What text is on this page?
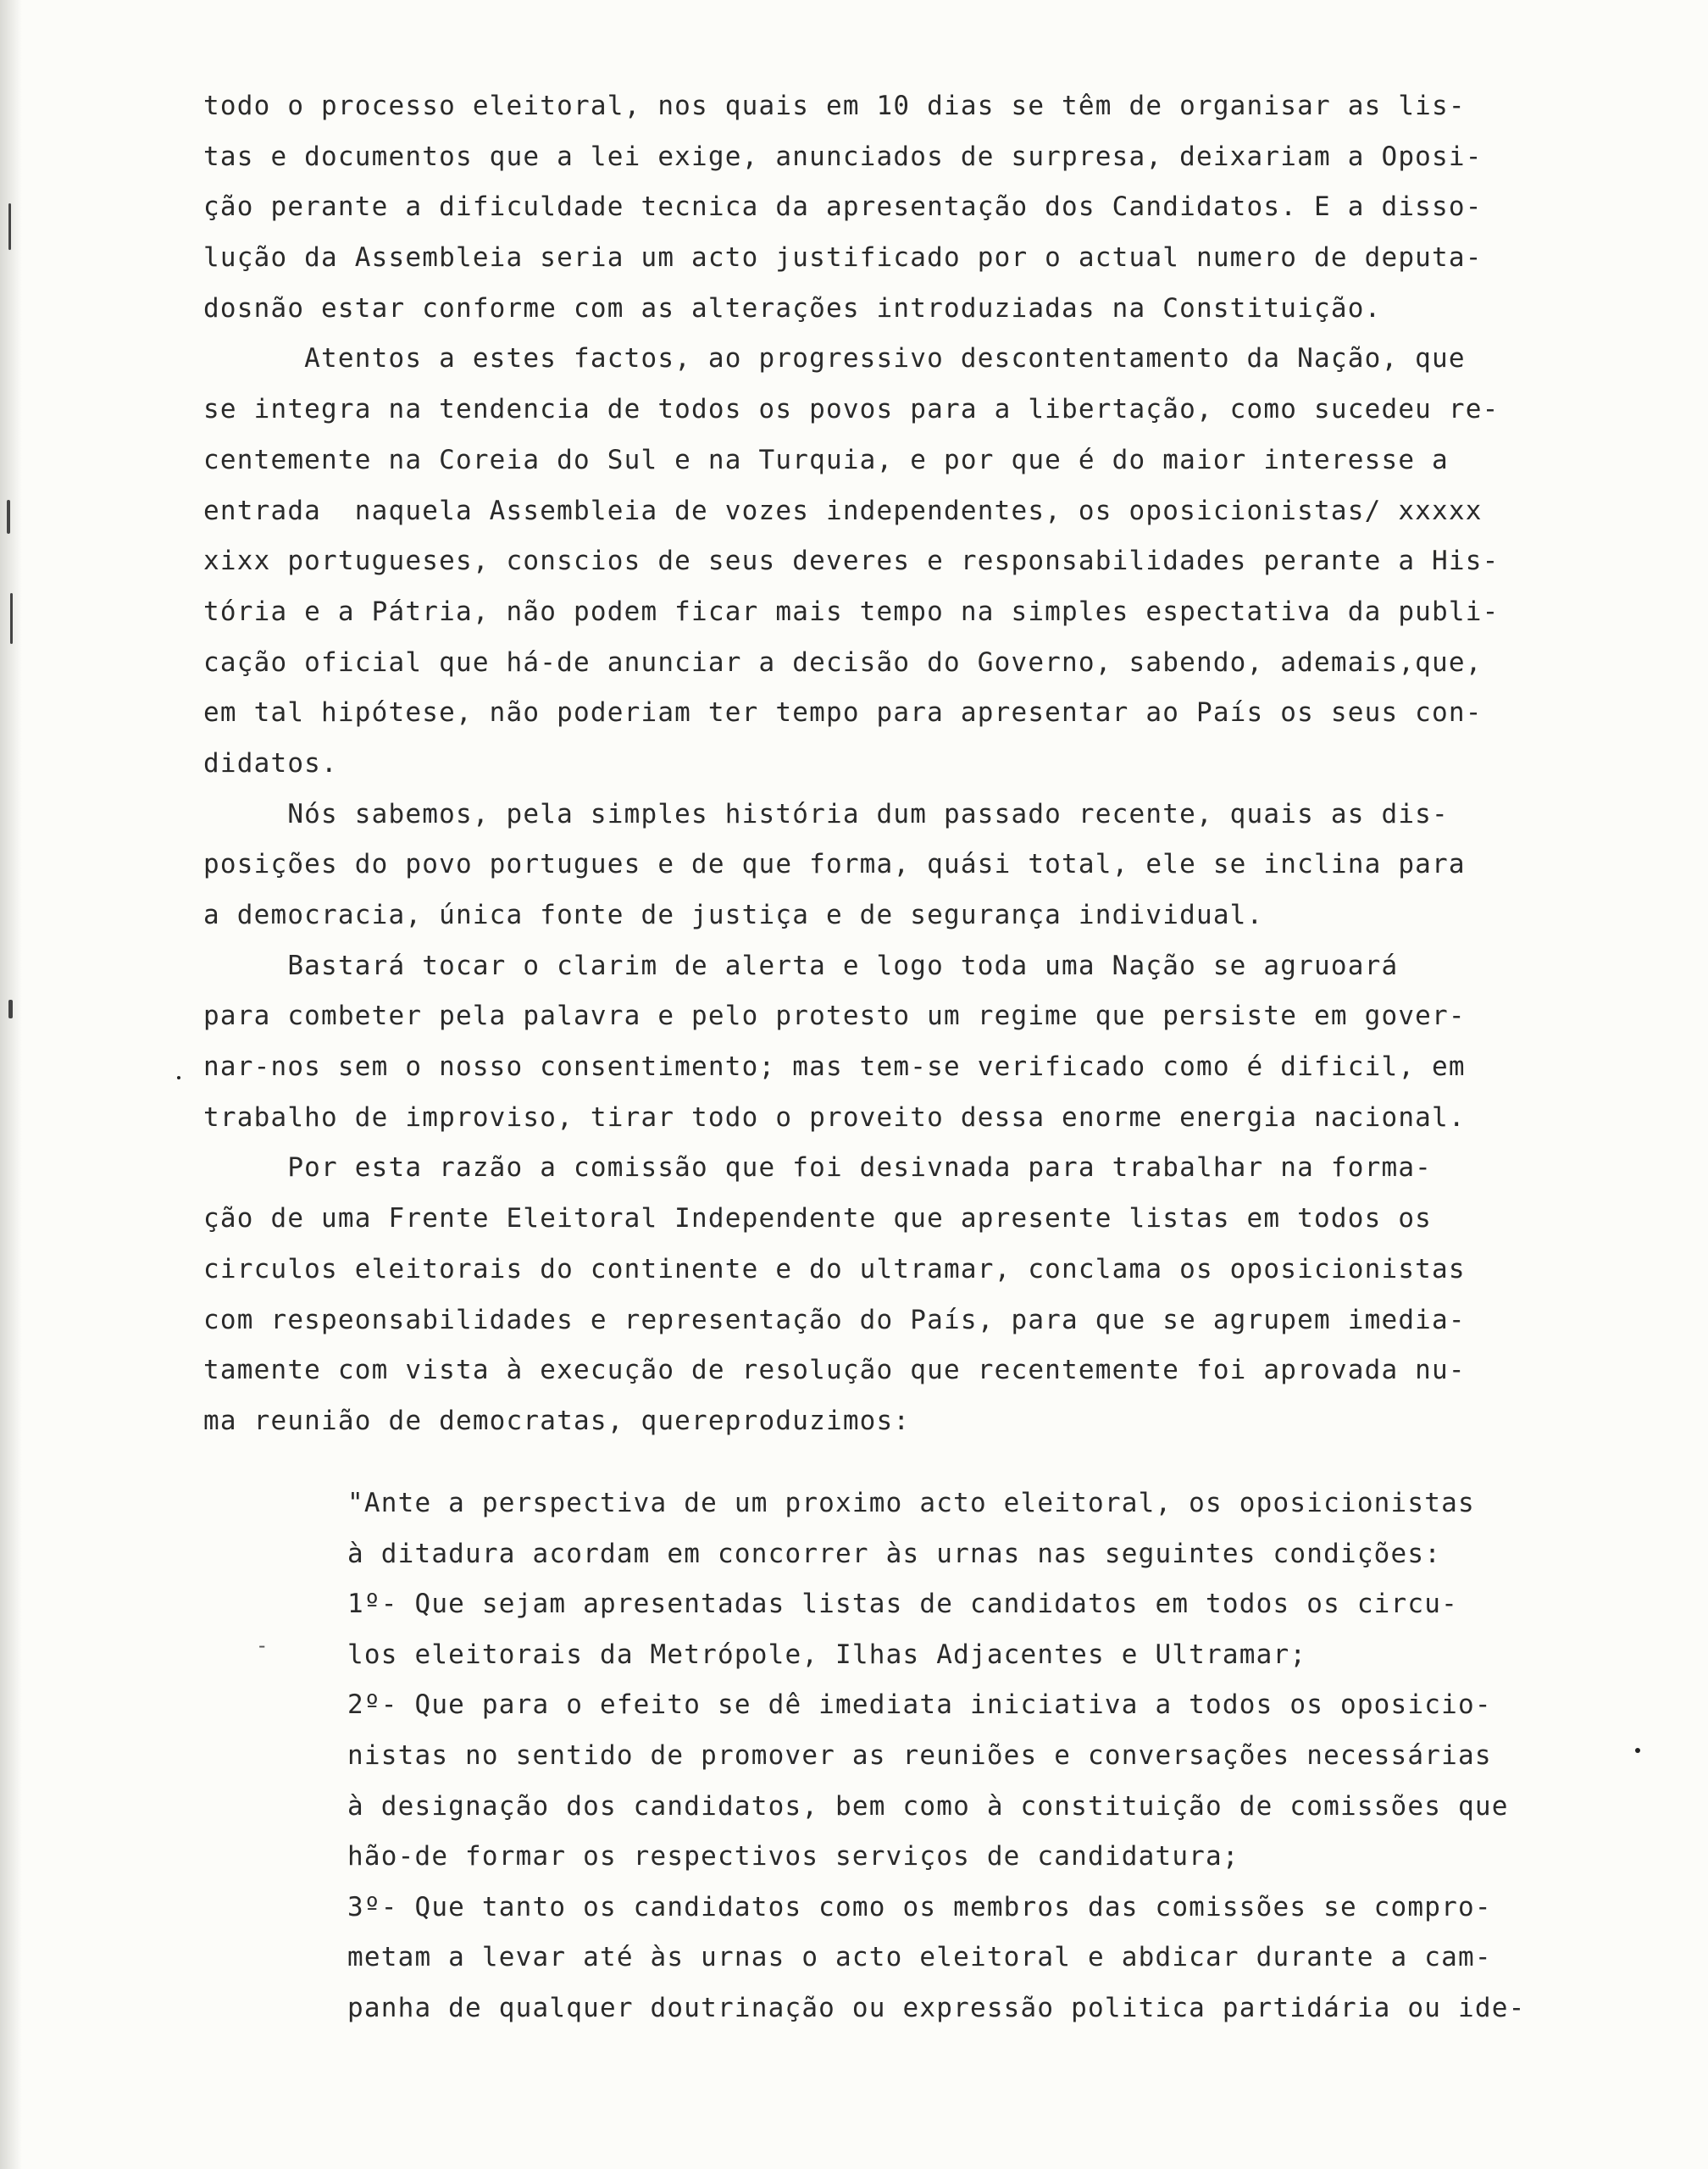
todo o processo eleitoral, nos quais em 10 dias se têm de organisar as lis-
tas e documentos que a lei exige, anunciados de surpresa, deixariam a Oposi-
ção perante a dificuldade tecnica da apresentação dos Candidatos. E a disso-
lução da Assembleia seria um acto justificado por o actual numero de deputa-
dosnão estar conforme com as alterações introduziadas na Constituição.
Atentos a estes factos, ao progressivo descontentamento da Nação, que
se integra na tendencia de todos os povos para a libertação, como sucedeu re-
centemente na Coreia do Sul e na Turquia, e por que é do maior interesse a
entrada  naquela Assembleia de vozes independentes, os oposicionistas/ xxxxx
xixx portugueses, conscios de seus deveres e responsabilidades perante a His-
tória e a Pátria, não podem ficar mais tempo na simples espectativa da publi-
cação oficial que há-de anunciar a decisão do Governo, sabendo, ademais,que,
em tal hipótese, não poderiam ter tempo para apresentar ao País os seus con-
didatos.
Nós sabemos, pela simples história dum passado recente, quais as dis-
posições do povo portugues e de que forma, quási total, ele se inclina para
a democracia, única fonte de justiça e de segurança individual.
Bastará tocar o clarim de alerta e logo toda uma Nação se agruoará
para combeter pela palavra e pelo protesto um regime que persiste em gover-
nar-nos sem o nosso consentimento; mas tem-se verificado como é dificil, em
trabalho de improviso, tirar todo o proveito dessa enorme energia nacional.
Por esta razão a comissão que foi desivnada para trabalhar na forma-
ção de uma Frente Eleitoral Independente que apresente listas em todos os
circulos eleitorais do continente e do ultramar, conclama os oposicionistas
com respeonsabilidades e representação do País, para que se agrupem imedia-
tamente com vista à execução de resolução que recentemente foi aprovada nu-
ma reunião de democratas, quereproduzimos:
-
"Ante a perspectiva de um proximo acto eleitoral, os oposicionistas
à ditadura acordam em concorrer às urnas nas seguintes condições:
1º- Que sejam apresentadas listas de candidatos em todos os circu-
los eleitorais da Metrópole, Ilhas Adjacentes e Ultramar;
2º- Que para o efeito se dê imediata iniciativa a todos os oposicio-
nistas no sentido de promover as reuniões e conversações necessárias
à designação dos candidatos, bem como à constituição de comissões que
hão-de formar os respectivos serviços de candidatura;
3º- Que tanto os candidatos como os membros das comissões se compro-
metam a levar até às urnas o acto eleitoral e abdicar durante a cam-
panha de qualquer doutrinação ou expressão politica partidária ou ide-
